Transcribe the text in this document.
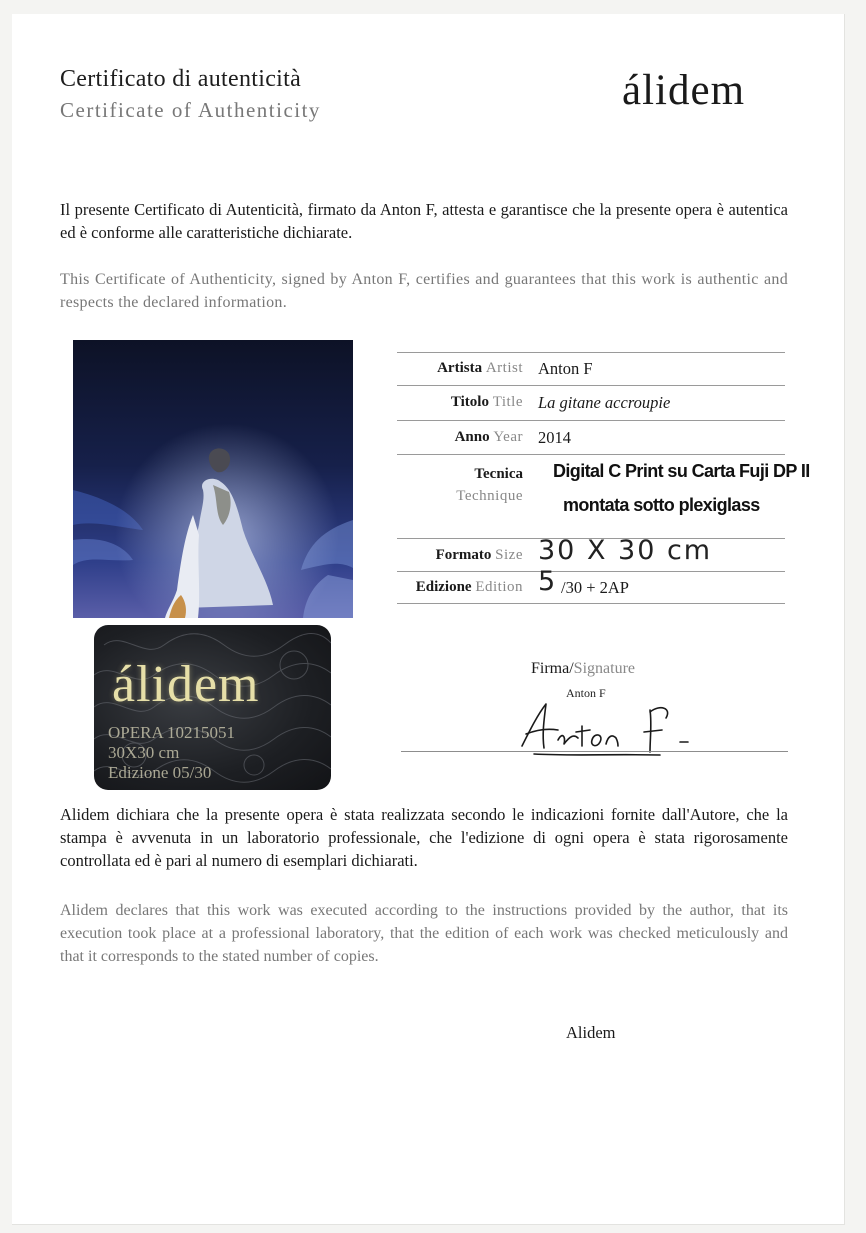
Certificato di autenticità
Certificate of Authenticity	álidem
Il presente Certificato di Autenticità, firmato da Anton F, attesta e garantisce che la presente opera è autentica ed è conforme alle caratteristiche dichiarate.
This Certificate of Authenticity, signed by Anton F, certifies and guarantees that this work is authentic and respects the declared information.
álidem
OPERA 10215051
30X30 cm
Edizione 05/30
Artista Artist Anton F
Titolo Title La gitane accroupie
Anno Year 2014
Tecnica
Technique
Digital C Print su Carta Fuji DP II
montata sotto plexiglass
Formato Size 30 X 30 cm
Edizione Edition 5 /30 + 2AP
Firma/Signature
Anton F
Alidem dichiara che la presente opera è stata realizzata secondo le indicazioni fornite dall'Autore, che la stampa è avvenuta in un laboratorio professionale, che l'edizione di ogni opera è stata rigorosamente controllata ed è pari al numero di esemplari dichiarati.
Alidem declares that this work was executed according to the instructions provided by the author, that its execution took place at a professional laboratory, that the edition of each work was checked meticulously and that it corresponds to the stated number of copies.
Alidem
